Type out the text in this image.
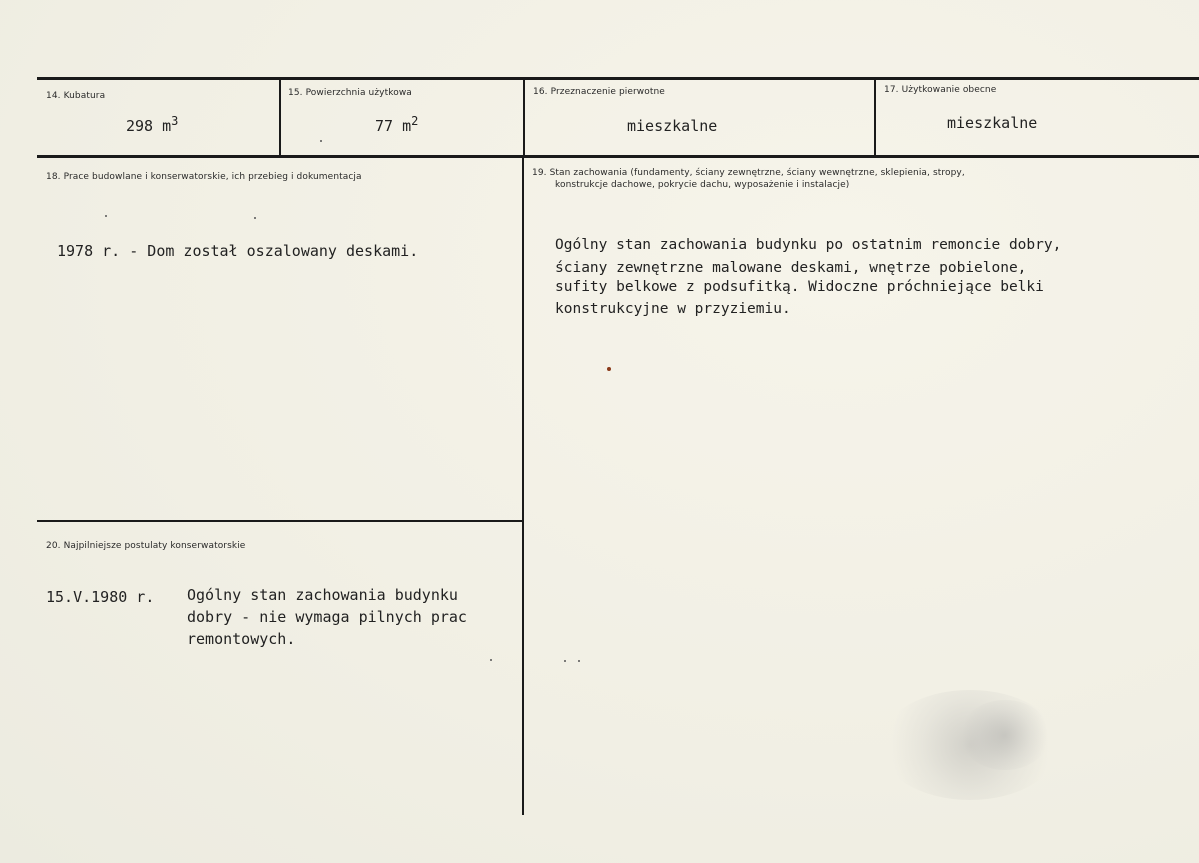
14. Kubatura
298 $m^3$
15. Powierzchnia użytkowa
77 $m^2$
16. Przeznaczenie pierwotne
mieszkalne
17. Użytkowanie obecne
mieszkalne
18. Prace budowlane i konserwatorskie, ich przebieg i dokumentacja
1978 r. - Dom został oszalowany deskami.
19. Stan zachowania (fundamenty, ściany zewnętrzne, ściany wewnętrzne, sklepienia, stropy,
konstrukcje dachowe, pokrycie dachu, wyposażenie i instalacje)
Ogólny stan zachowania budynku po ostatnim remoncie dobry,
ściany zewnętrzne malowane deskami, wnętrze pobielone,
sufity belkowe z podsufitką. Widoczne próchniejące belki
konstrukcyjne w przyziemiu.
20. Najpilniejsze postulaty konserwatorskie
15.V.1980 r. Ogólny stan zachowania budynku
dobry - nie wymaga pilnych prac
remontowych.
